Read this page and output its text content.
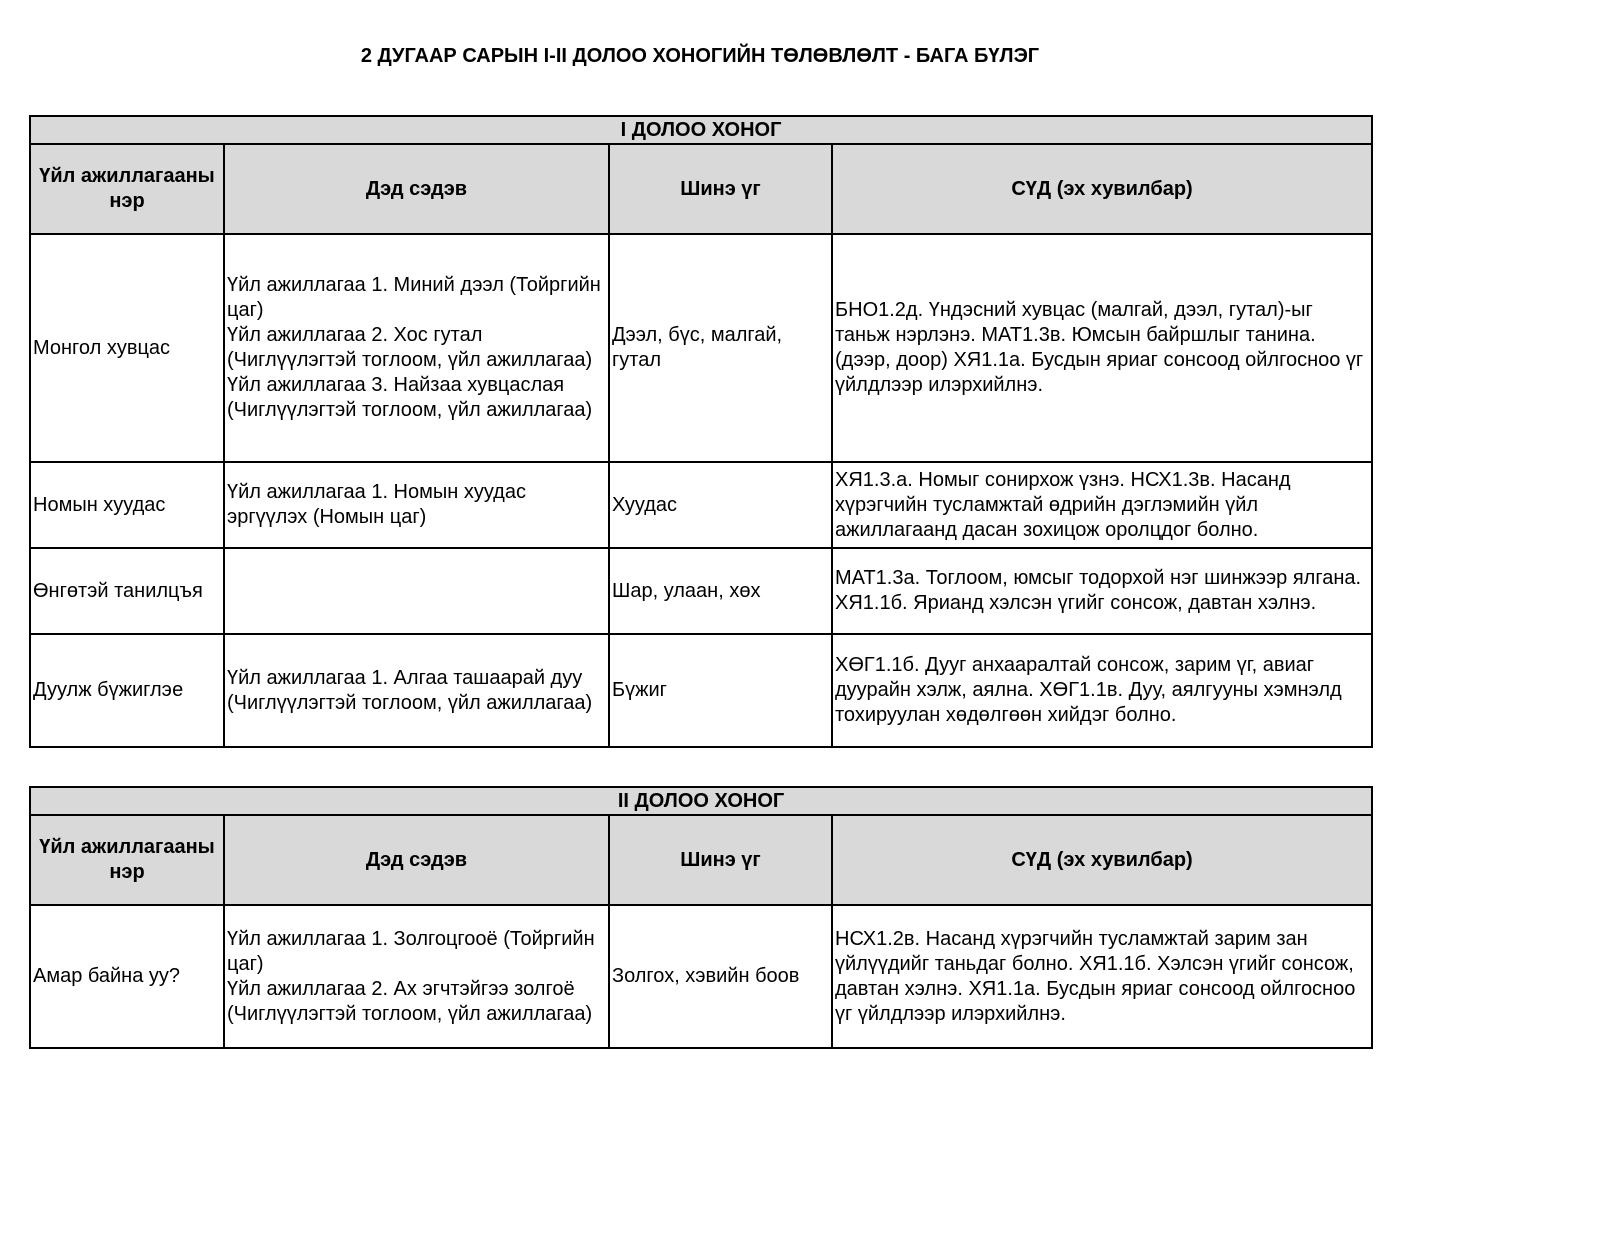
2 ДУГААР САРЫН I-II ДОЛОО ХОНОГИЙН ТӨЛӨВЛӨЛТ - БАГА БҮЛЭГ
I ДОЛОО ХОНОГ			
Үйл ажиллагааны нэр	Дэд сэдэв	Шинэ үг	СҮД (эх хувилбар)
Монгол хувцас	Үйл ажиллагаа 1. Миний дээл (Тойргийн цаг)
Үйл ажиллагаа 2. Хос гутал (Чиглүүлэгтэй тоглоом, үйл ажиллагаа)
Үйл ажиллагаа 3. Найзаа хувцаслая (Чиглүүлэгтэй тоглоом, үйл ажиллагаа)	Дээл, бүс, малгай, гутал	БНО1.2д. Үндэсний хувцас (малгай, дээл, гутал)-ыг таньж нэрлэнэ. МАТ1.3в. Юмсын байршлыг танина. (дээр, доор) ХЯ1.1а. Бусдын яриаг сонсоод ойлгосноо үг үйлдлээр илэрхийлнэ.
Номын хуудас	Үйл ажиллагаа 1. Номын хуудас эргүүлэх (Номын цаг)	Хуудас	ХЯ1.3.а. Номыг сонирхож үзнэ. НСХ1.3в. Насанд хүрэгчийн тусламжтай өдрийн дэглэмийн үйл ажиллагаанд дасан зохицож оролцдог болно.
Өнгөтэй танилцъя		Шар, улаан, хөх	МАТ1.3а. Тоглоом, юмсыг тодорхой нэг шинжээр ялгана. ХЯ1.1б. Ярианд хэлсэн үгийг сонсож, давтан хэлнэ.
Дуулж бүжиглэе	Үйл ажиллагаа 1. Алгаа ташаарай дуу (Чиглүүлэгтэй тоглоом, үйл ажиллагаа)	Бүжиг	ХӨГ1.1б. Дууг анхааралтай сонсож, зарим үг, авиаг дуурайн хэлж, аялна. ХӨГ1.1в. Дуу, аялгууны хэмнэлд тохируулан хөдөлгөөн хийдэг болно.
II ДОЛОО ХОНОГ			
Үйл ажиллагааны нэр	Дэд сэдэв	Шинэ үг	СҮД (эх хувилбар)
Амар байна уу?	Үйл ажиллагаа 1. Золгоцгооё (Тойргийн цаг)
Үйл ажиллагаа 2. Ах эгчтэйгээ золгоё (Чиглүүлэгтэй тоглоом, үйл ажиллагаа)	Золгох, хэвийн боов	НСХ1.2в. Насанд хүрэгчийн тусламжтай зарим зан үйлүүдийг таньдаг болно. ХЯ1.1б. Хэлсэн үгийг сонсож, давтан хэлнэ. ХЯ1.1а. Бусдын яриаг сонсоод ойлгосноо үг үйлдлээр илэрхийлнэ.
